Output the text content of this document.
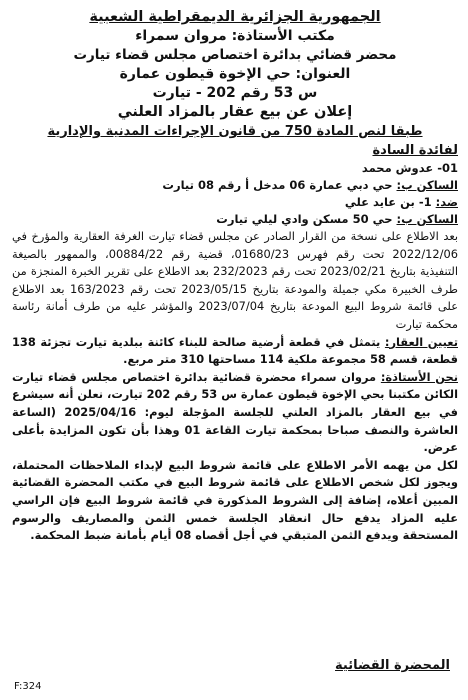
الجمهورية الجزائرية الديمقراطية الشعبية
مكتب الأستاذة: مروان سمراء
محضر قضائي بدائرة اختصاص مجلس قضاء تيارت
العنوان: حي الإخوة قيطون عمارة
س 53 رقم 202 - تيارت
إعلان عن بيع عقار بالمزاد العلني
طبقا لنص المادة 750 من قانون الإجراءات المدنية والإدارية
لفائدة السادة
01- عدوش محمد
الساكن ب: حي دبي عمارة 06 مدخل أ رقم 08 تيارت
ضد: 1- بن عايد علي
الساكن ب: حي 50 مسكن وادي ليلي تيارت

بعد الاطلاع على نسخة من القرار الصادر عن مجلس قضاء تيارت الغرفة العقارية والمؤرخ في 2022/12/06 تحت رقم فهرس 01680/23، قضية رقم 00884/22، والممهور بالصيغة التنفيذية بتاريخ 2023/02/21 تحت رقم 232/2023 بعد الاطلاع على تقرير الخبرة المنجزة من طرف الخبيرة مكي جميلة والمودعة بتاريخ 2023/05/15 تحت رقم 163/2023 بعد الاطلاع على قائمة شروط البيع المودعة بتاريخ 2023/07/04 والمؤشر عليه من طرف أمانة رئاسة محكمة تيارت

تعيين العقار: يتمثل في قطعة أرضية صالحة للبناء كائنة ببلدية تيارت تجزئة 138 قطعة، قسم 58 مجموعة ملكية 114 مساحتها 310 متر مربع.

نحن الأستاذة: مروان سمراء محضرة قضائية بدائرة اختصاص مجلس قضاء تيارت الكائن مكتبنا بحي الإخوة قيطون عمارة س 53 رقم 202 تيارت، نعلن أنه سيشرع في بيع العقار بالمزاد العلني للجلسة المؤجلة ليوم: 2025/04/16 (الساعة العاشرة والنصف صباحا بمحكمة تيارت القاعة 01 وهذا بأن تكون المزايدة بأعلى عرض.

لكل من يهمه الأمر الاطلاع على قائمة شروط البيع لإبداء الملاحظات المحتملة، ويجوز لكل شخص الاطلاع على قائمة شروط البيع في مكتب المحضرة القضائية المبين أعلاه، إضافة إلى الشروط المذكورة في قائمة شروط البيع فإن الراسي عليه المزاد يدفع حال انعقاد الجلسة خمس الثمن والمصاريف والرسوم المستحقة ويدفع الثمن المتبقي في أجل أقصاه 08 أيام بأمانة ضبط المحكمة.

المحضرة القضائية
F:324
